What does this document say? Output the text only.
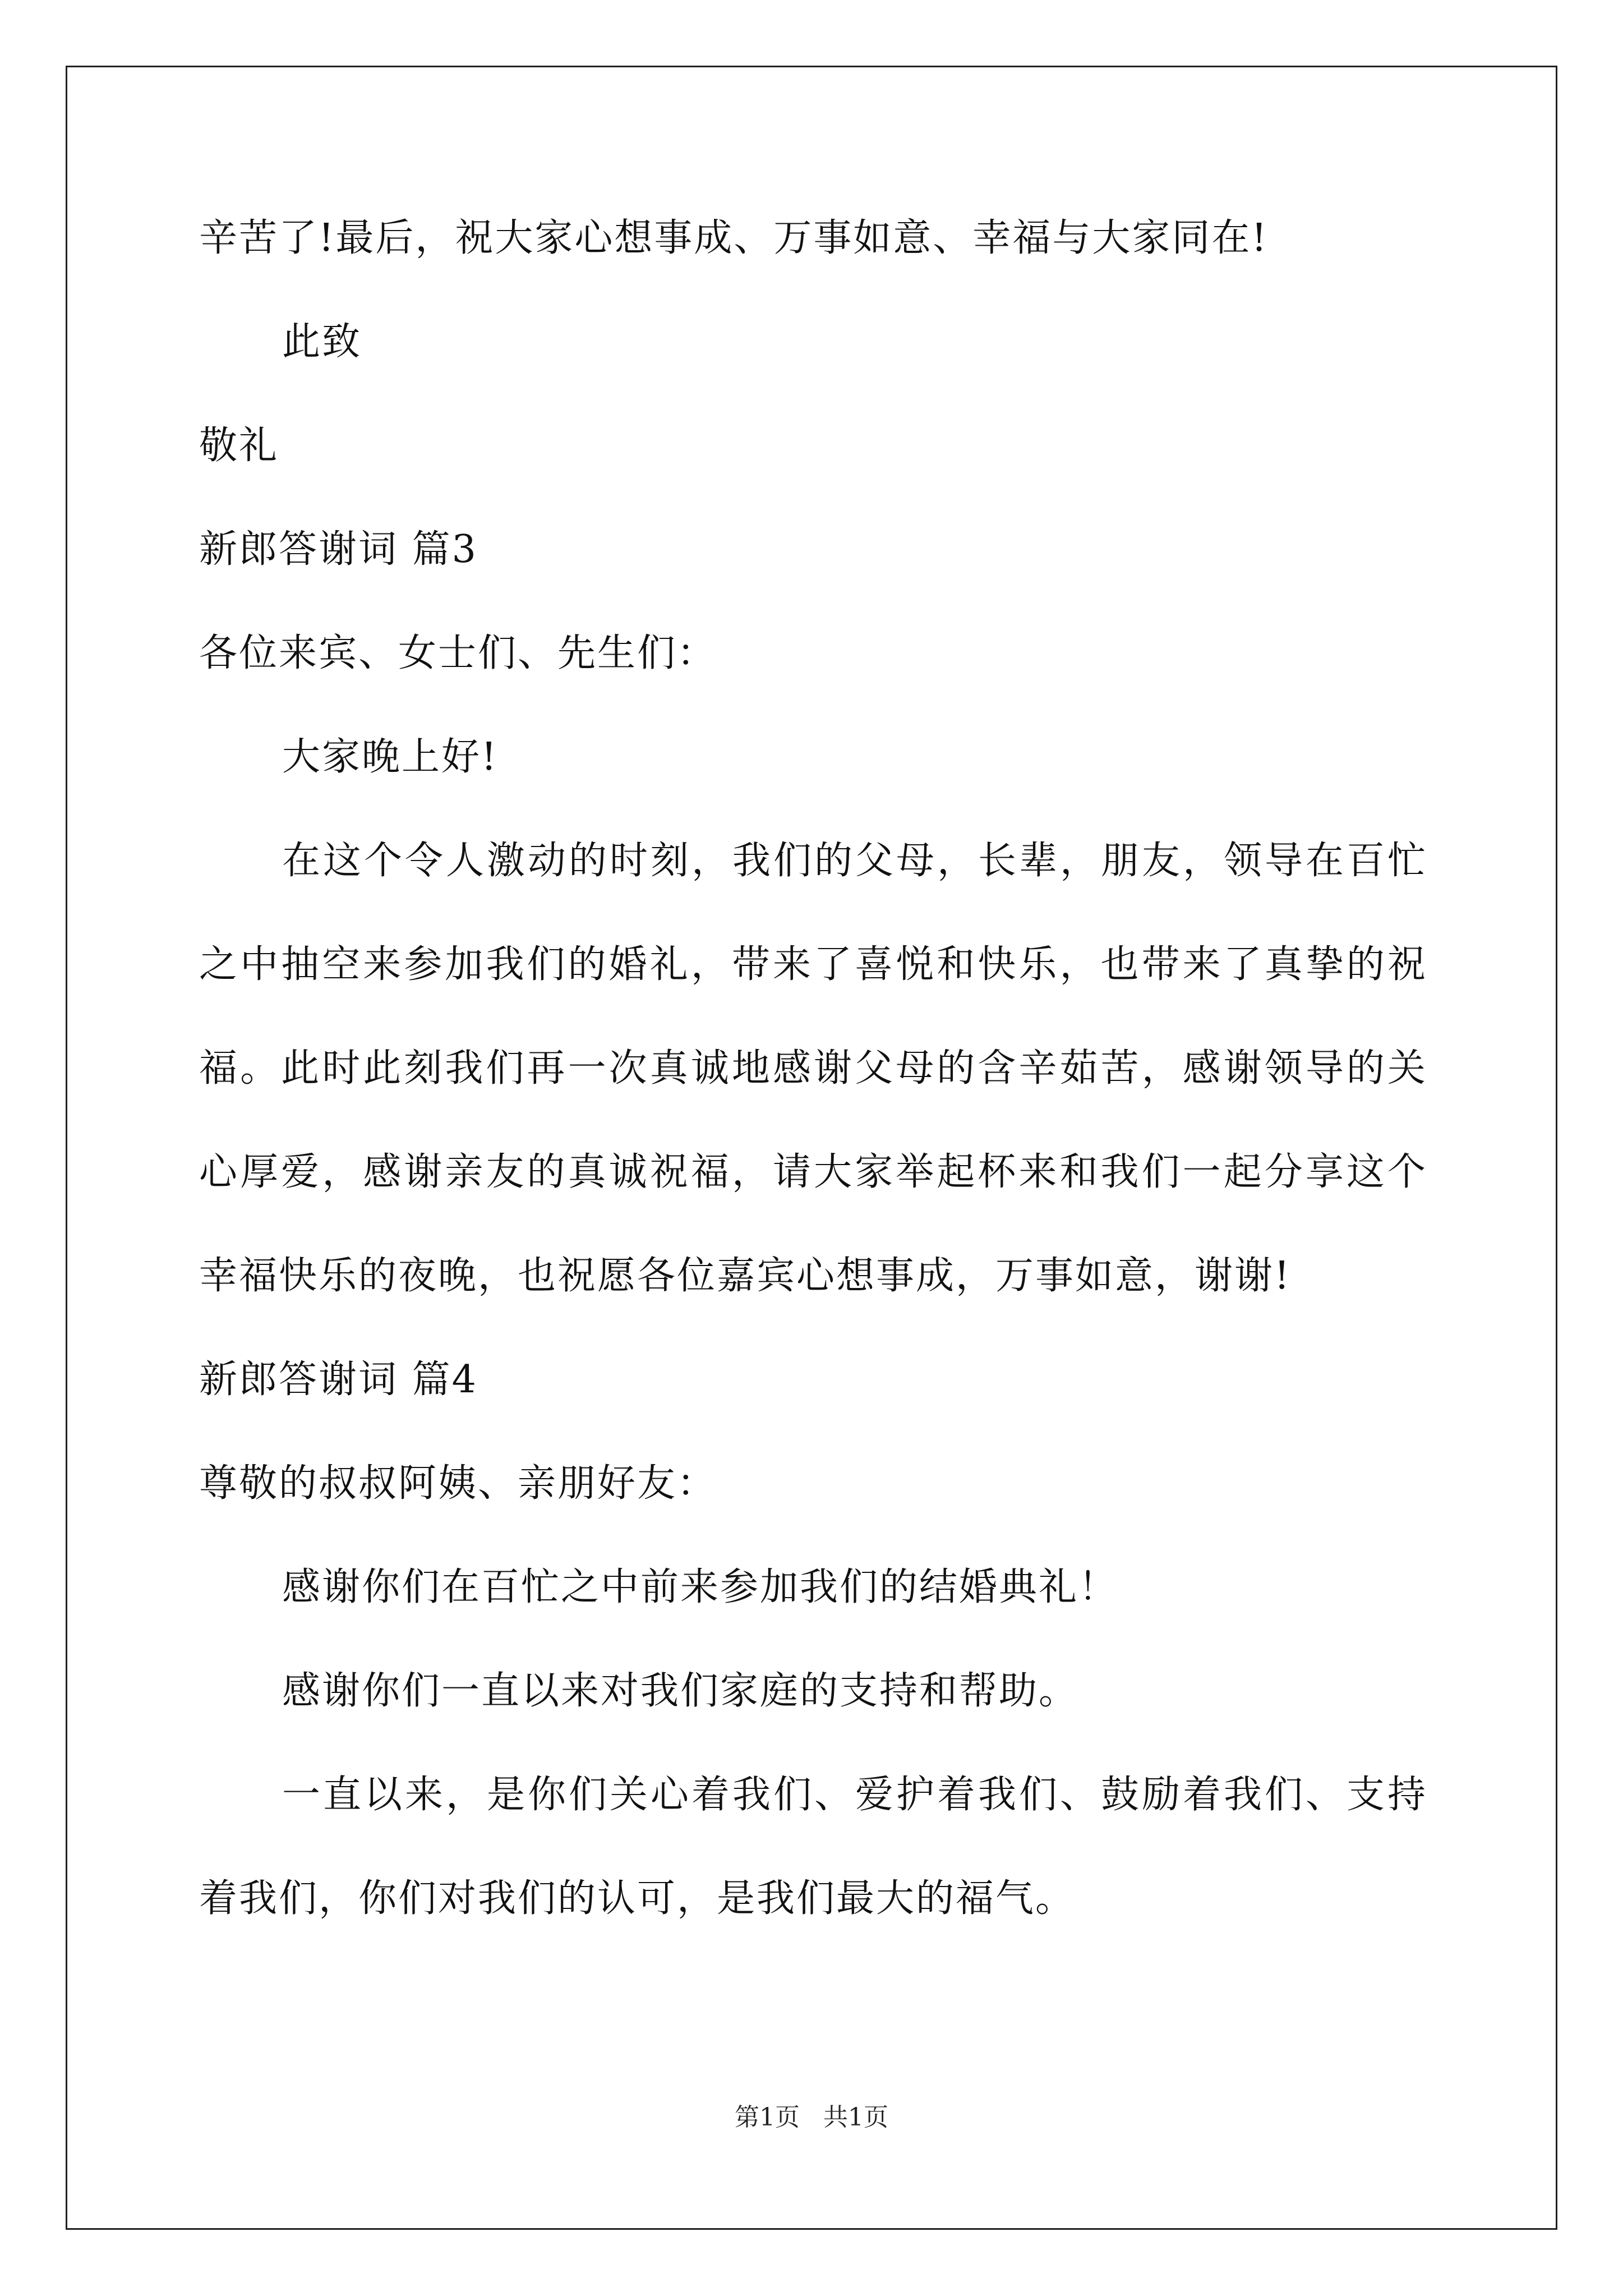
辛苦了!最后，祝大家心想事成、万事如意、幸福与大家同在!
此致
敬礼
新郎答谢词 篇3
各位来宾、女士们、先生们：
大家晚上好!
在这个令人激动的时刻，我们的父母，长辈，朋友，领导在百忙
之中抽空来参加我们的婚礼，带来了喜悦和快乐，也带来了真挚的祝
福。此时此刻我们再一次真诚地感谢父母的含辛茹苦，感谢领导的关
心厚爱，感谢亲友的真诚祝福，请大家举起杯来和我们一起分享这个
幸福快乐的夜晚，也祝愿各位嘉宾心想事成，万事如意，谢谢!
新郎答谢词 篇4
尊敬的叔叔阿姨、亲朋好友：
感谢你们在百忙之中前来参加我们的结婚典礼！
感谢你们一直以来对我们家庭的支持和帮助。
一直以来，是你们关心着我们、爱护着我们、鼓励着我们、支持
着我们，你们对我们的认可，是我们最大的福气。
第1页 共1页
